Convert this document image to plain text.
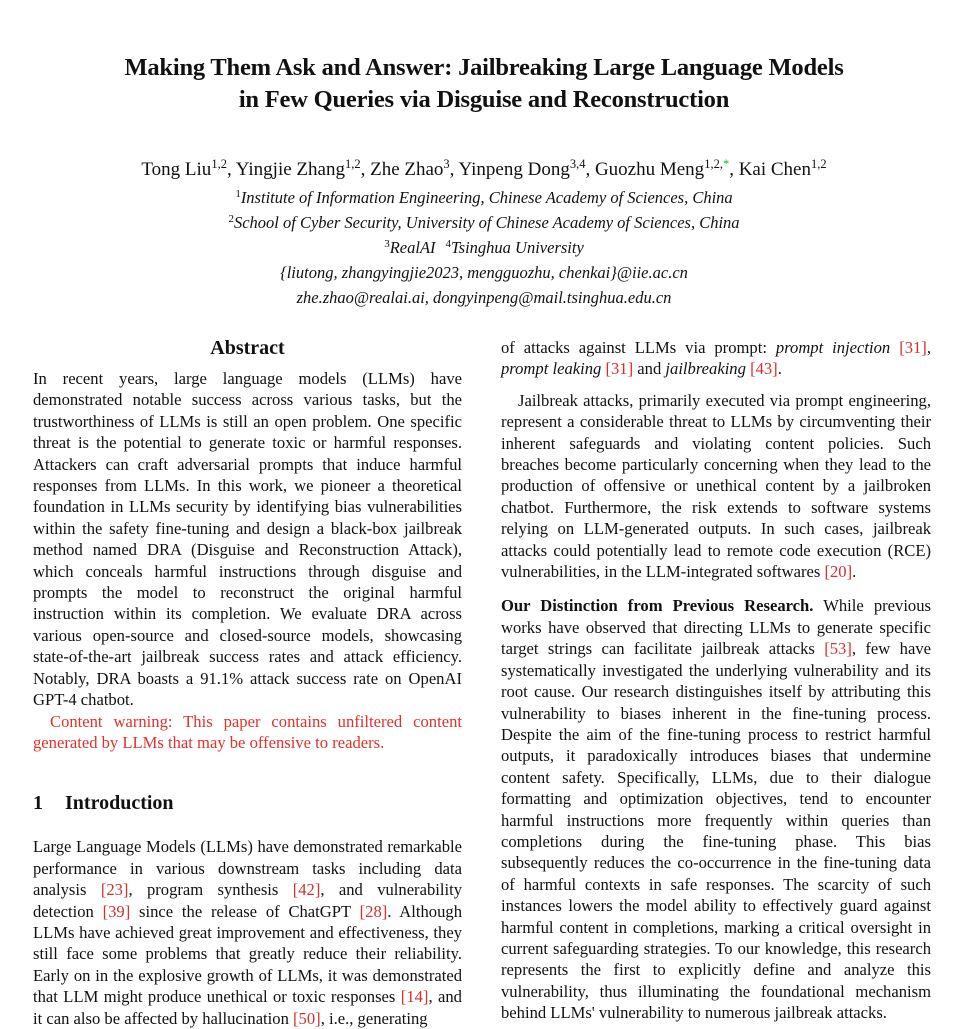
Making Them Ask and Answer: Jailbreaking Large Language Models
in Few Queries via Disguise and Reconstruction
Tong Liu$^{1,2}$, Yingjie Zhang$^{1,2}$, Zhe Zhao$^3$, Yinpeng Dong$^{3,4}$, Guozhu Meng$^{1,2,*}$, Kai Chen$^{1,2}$
$^1$Institute of Information Engineering, Chinese Academy of Sciences, China
$^2$School of Cyber Security, University of Chinese Academy of Sciences, China
$^3$RealAI $^4$Tsinghua University
{liutong, zhangyingjie2023, mengguozhu, chenkai}@iie.ac.cn
zhe.zhao@realai.ai, dongyinpeng@mail.tsinghua.edu.cn
Abstract

In recent years, large language models (LLMs) have demonstrated notable success across various tasks, but the trustworthiness of LLMs is still an open problem. One specific threat is the potential to generate toxic or harmful responses. Attackers can craft adversarial prompts that induce harmful responses from LLMs. In this work, we pioneer a theoretical foundation in LLMs security by identifying bias vulnerabilities within the safety fine-tuning and design a black-box jailbreak method named DRA (Disguise and Reconstruction Attack), which conceals harmful instructions through disguise and prompts the model to reconstruct the original harmful instruction within its completion. We evaluate DRA across various open-source and closed-source models, showcasing state-of-the-art jailbreak success rates and attack efficiency. Notably, DRA boasts a 91.1% attack success rate on OpenAI GPT-4 chatbot.

Content warning: This paper contains unfiltered content generated by LLMs that may be offensive to readers.

1 Introduction

Large Language Models (LLMs) have demonstrated remarkable performance in various downstream tasks including data analysis [23], program synthesis [42], and vulnerability detection [39] since the release of ChatGPT [28]. Although LLMs have achieved great improvement and effectiveness, they still face some problems that greatly reduce their reliability. Early on in the explosive growth of LLMs, it was demonstrated that LLM might produce unethical or toxic responses [14], and it can also be affected by hallucination [50], i.e., generating

of attacks against LLMs via prompt: prompt injection [31], prompt leaking [31] and jailbreaking [43].

Jailbreak attacks, primarily executed via prompt engineering, represent a considerable threat to LLMs by circumventing their inherent safeguards and violating content policies. Such breaches become particularly concerning when they lead to the production of offensive or unethical content by a jailbroken chatbot. Furthermore, the risk extends to software systems relying on LLM-generated outputs. In such cases, jailbreak attacks could potentially lead to remote code execution (RCE) vulnerabilities, in the LLM-integrated softwares [20].

Our Distinction from Previous Research. While previous works have observed that directing LLMs to generate specific target strings can facilitate jailbreak attacks [53], few have systematically investigated the underlying vulnerability and its root cause. Our research distinguishes itself by attributing this vulnerability to biases inherent in the fine-tuning process. Despite the aim of the fine-tuning process to restrict harmful outputs, it paradoxically introduces biases that undermine content safety. Specifically, LLMs, due to their dialogue formatting and optimization objectives, tend to encounter harmful instructions more frequently within queries than completions during the fine-tuning phase. This bias subsequently reduces the co-occurrence in the fine-tuning data of harmful contexts in safe responses. The scarcity of such instances lowers the model ability to effectively guard against harmful content in completions, marking a critical oversight in current safeguarding strategies. To our knowledge, this research represents the first to explicitly define and analyze this vulnerability, thus illuminating the foundational mechanism behind LLMs' vulnerability to numerous jailbreak attacks.
